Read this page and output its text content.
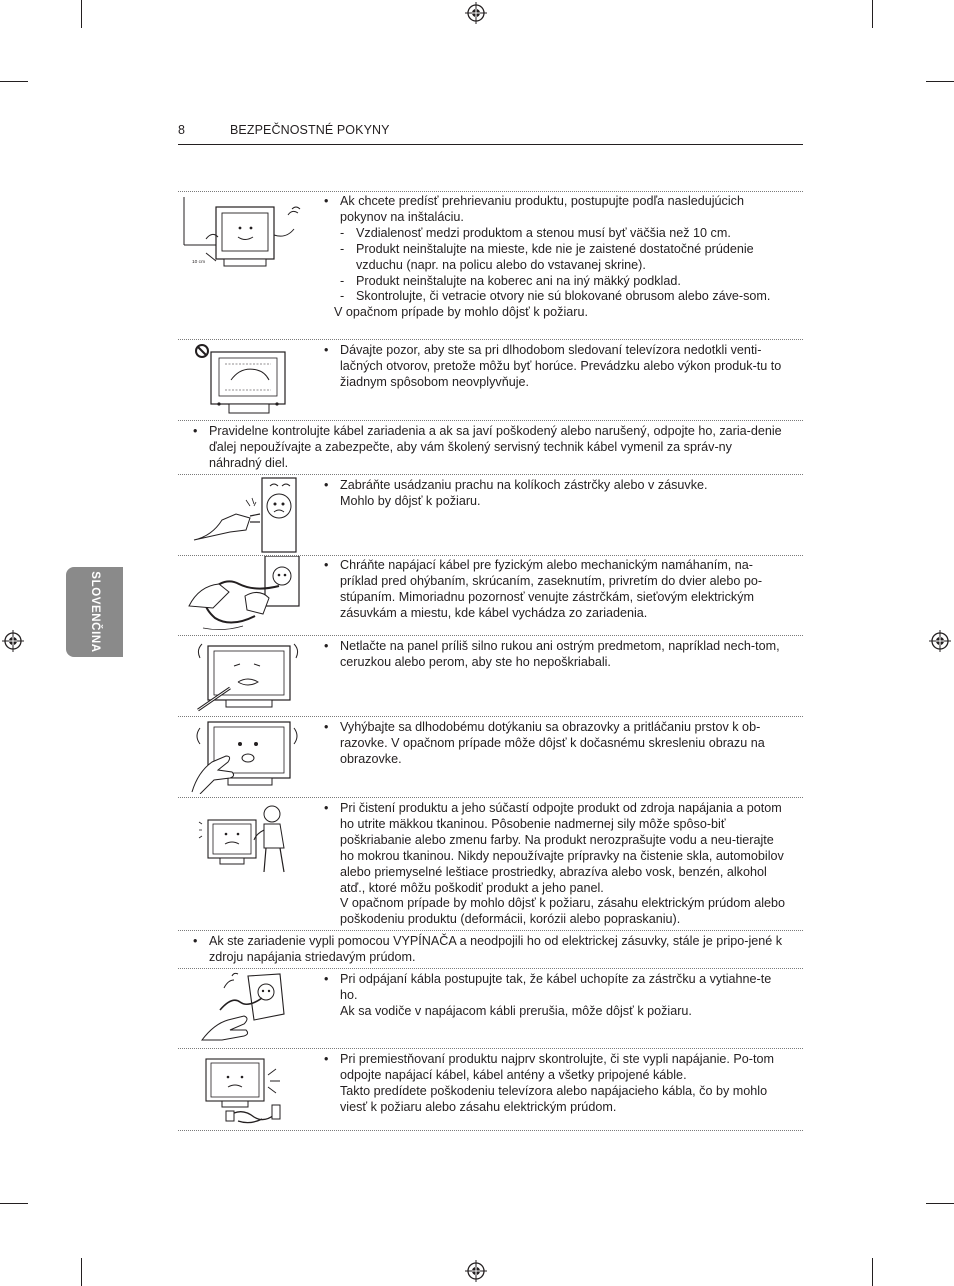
8	BEZPEČNOSTNÉ POKYNY
SLOVENČINA
10 cm
• Ak chcete predísť prehrievaniu produktu, postupujte podľa nasledujúcich pokynov na inštaláciu.
- Vzdialenosť medzi produktom a stenou musí byť väčšia než 10 cm.
- Produkt neinštalujte na mieste, kde nie je zaistené dostatočné prúdenie vzduchu (napr. na policu alebo do vstavanej skrine).
- Produkt neinštalujte na koberec ani na iný mäkký podklad.
- Skontrolujte, či vetracie otvory nie sú blokované obrusom alebo záve-som.
V opačnom prípade by mohlo dôjsť k požiaru.
• Dávajte pozor, aby ste sa pri dlhodobom sledovaní televízora nedotkli venti-lačných otvorov, pretože môžu byť horúce. Prevádzku alebo výkon produk-tu to žiadnym spôsobom neovplyvňuje.
• Pravidelne kontrolujte kábel zariadenia a ak sa javí poškodený alebo narušený, odpojte ho, zaria-denie ďalej nepoužívajte a zabezpečte, aby vám školený servisný technik kábel vymenil za správ-ny náhradný diel.
• Zabráňte usádzaniu prachu na kolíkoch zástrčky alebo v zásuvke.
Mohlo by dôjsť k požiaru.
• Chráňte napájací kábel pre fyzickým alebo mechanickým namáhaním, na-príklad pred ohýbaním, skrúcaním, zaseknutím, privretím do dvier alebo po-stúpaním. Mimoriadnu pozornosť venujte zástrčkám, sieťovým elektrickým zásuvkám a miestu, kde kábel vychádza zo zariadenia.
• Netlačte na panel príliš silno rukou ani ostrým predmetom, napríklad nech-tom, ceruzkou alebo perom, aby ste ho nepoškriabali.
• Vyhýbajte sa dlhodobému dotýkaniu sa obrazovky a pritláčaniu prstov k ob-razovke. V opačnom prípade môže dôjsť k dočasnému skresleniu obrazu na obrazovke.
• Pri čistení produktu a jeho súčastí odpojte produkt od zdroja napájania a potom ho utrite mäkkou tkaninou. Pôsobenie nadmernej sily môže spôso-biť poškriabanie alebo zmenu farby. Na produkt nerozprašujte vodu a neu-tierajte ho mokrou tkaninou. Nikdy nepoužívajte prípravky na čistenie skla, automobilov alebo priemyselné leštiace prostriedky, abrazíva alebo vosk, benzén, alkohol atď., ktoré môžu poškodiť produkt a jeho panel.
V opačnom prípade by mohlo dôjsť k požiaru, zásahu elektrickým prúdom alebo poškodeniu produktu (deformácii, korózii alebo popraskaniu).
• Ak ste zariadenie vypli pomocou VYPÍNAČA a neodpojili ho od elektrickej zásuvky, stále je pripo-jené k zdroju napájania striedavým prúdom.
• Pri odpájaní kábla postupujte tak, že kábel uchopíte za zástrčku a vytiahne-te ho.
Ak sa vodiče v napájacom kábli prerušia, môže dôjsť k požiaru.
• Pri premiestňovaní produktu najprv skontrolujte, či ste vypli napájanie. Po-tom odpojte napájací kábel, kábel antény a všetky pripojené káble.
Takto predídete poškodeniu televízora alebo napájacieho kábla, čo by mohlo viesť k požiaru alebo zásahu elektrickým prúdom.
